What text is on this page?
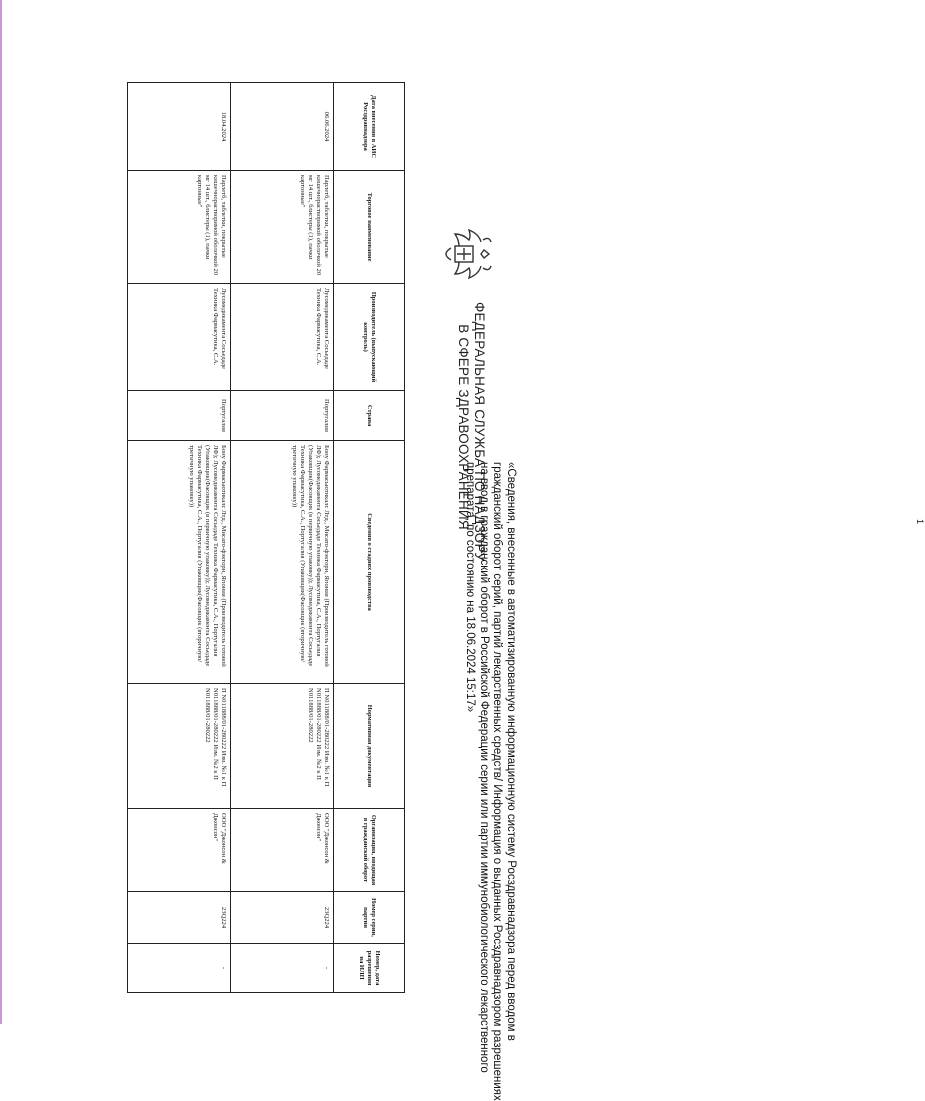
ФЕДЕРАЛЬНАЯ СЛУЖБА ПО НАДЗОРУ
В СФЕРЕ ЗДРАВООХРАНЕНИЯ
«Сведения, внесенные в автоматизированную информационную систему Росздравнадзора перед вводом в
гражданский оборот серий, партий лекарственных средств/ Информация о выданных Росздравнадзором разрешениях
на ввод в гражданский оборот в Российской Федерации серии или партии иммунобиологического лекарственного
препарата, по состоянию на 18.06.2024 15:17»
Дата внесения в АИС Росздравнадзора	Торговое наименование	Производитель (выпускающий контроль)	Страна	Сведения о стадиях производства	Нормативная документация	Организация, вводящая в гражданский оборот	Номер серии, партии	Номер, дата разрешения на ИЛП
06.06.2024	Парлетб, таблетки, покрытые кишечнорастворимой оболочкой 20 мг 14 шт., блистеры (1), пачки картонные"	Лусомедикамента Сосьедаде Техника Фармасутика, С.А.	Португалия	Бону Фармасьютикалс Лтд., Мисато-фэктори, Япония (Производитель готовой ЛФ); Лусомедикамента Сосьедаде Техника Фармасутика, С.А., Португалия (Упаковщик(Фасовщик (в первичную упаковку)); Лусомедикамента Сосьедаде Техника Фармасутика, С.А., Португалия (Упаковщик(Фасовщик (вторичную/третичную упаковку))	П N011888/01-280222 Изм. №1 к П N011888/01-280222 Изм. №2 к П N011888/01-280222	ООО "Джонсон & Джонсон"	23Q224	-
18.04.2024	Парлетб, таблетки, покрытые кишечнорастворимой оболочкой 20 мг 14 шт., блистеры (1), пачки картонные"	Лусомедикамента Сосьедаде Техника Фармасутика, С.А.	Португалия	Бону Фармасьютикалс Лтд., Мисато-фэктори, Япония (Производитель готовой ЛФ); Лусомедикамента Сосьедаде Техника Фармасутика, С.А., Португалия (Упаковщик(Фасовщик (в первичную упаковку)); Лусомедикамента Сосьедаде Техника Фармасутика, С.А., Португалия (Упаковщик(Фасовщик (вторичную/третичную упаковку))	П N011888/01-280222 Изм. №1 к П N011888/01-280222 Изм. №2 к П N011888/01-280222	ООО "Джонсон & Джонсон"	23Q224	-
1
